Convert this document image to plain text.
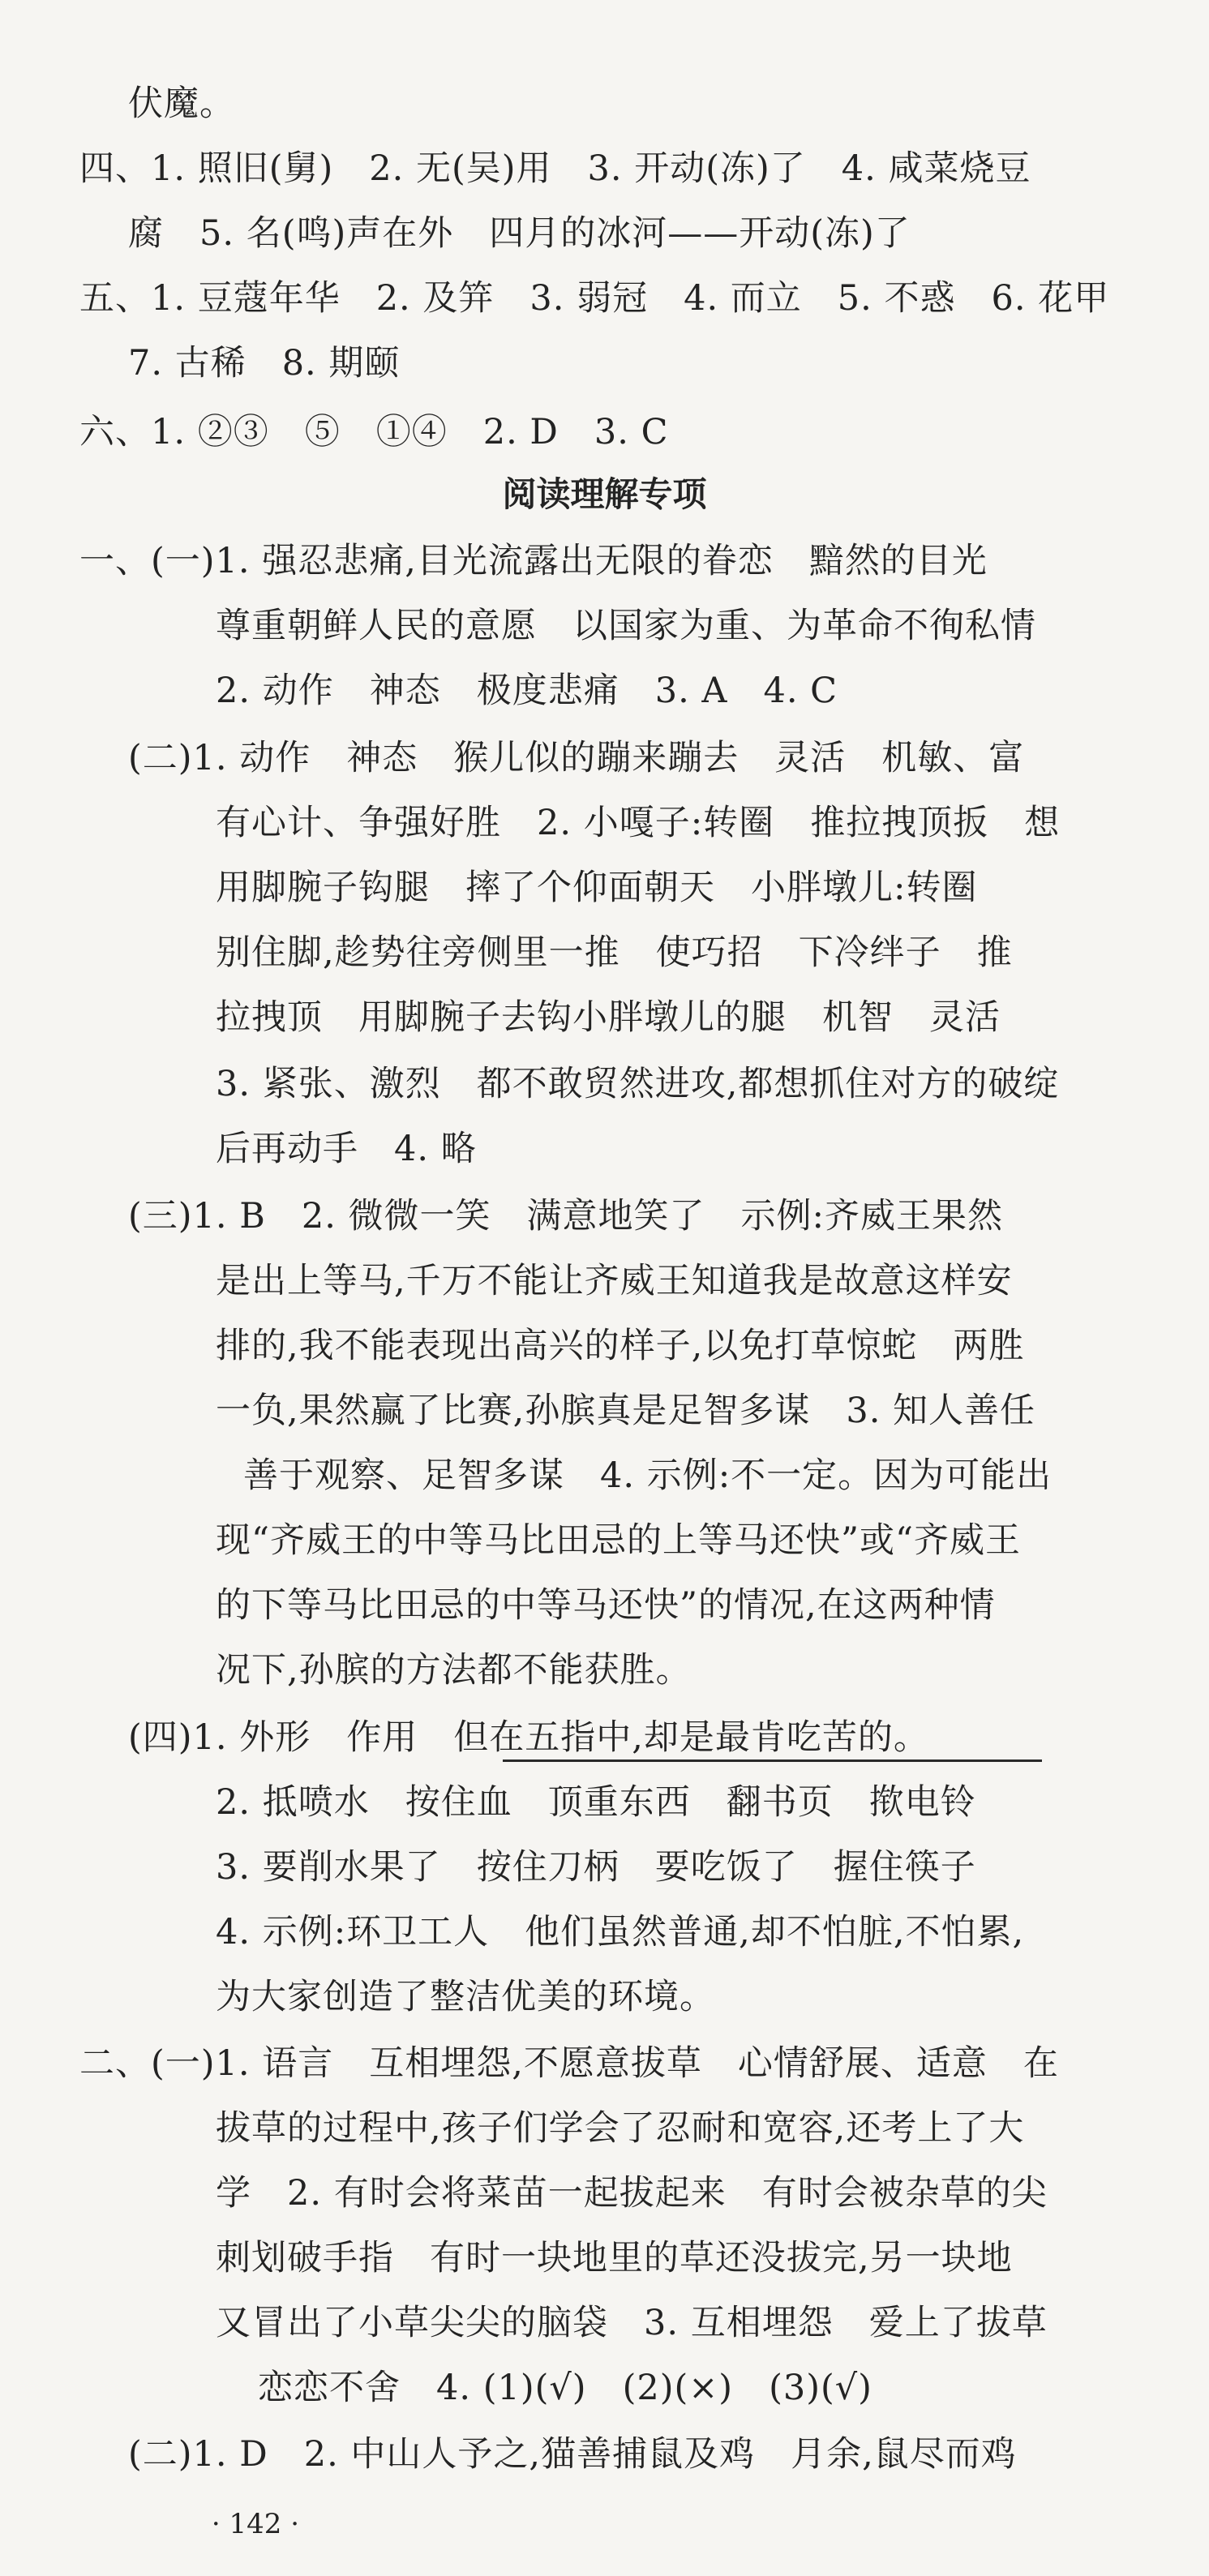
伏魔。
四、1. 照旧(舅)   2. 无(吴)用   3. 开动(冻)了   4. 咸菜烧豆
腐   5. 名(鸣)声在外   四月的冰河——开动(冻)了
五、1. 豆蔻年华   2. 及笄   3. 弱冠   4. 而立   5. 不惑   6. 花甲
7. 古稀   8. 期颐
六、1. ②③   ⑤   ①④   2. D   3. C
阅读理解专项
一、(一)1. 强忍悲痛,目光流露出无限的眷恋   黯然的目光
尊重朝鲜人民的意愿   以国家为重、为革命不徇私情
2. 动作   神态   极度悲痛   3. A   4. C
(二)1. 动作   神态   猴儿似的蹦来蹦去   灵活   机敏、富
有心计、争强好胜   2. 小嘎子:转圈   推拉拽顶扳   想
用脚腕子钩腿   摔了个仰面朝天   小胖墩儿:转圈
别住脚,趁势往旁侧里一推   使巧招   下冷绊子   推
拉拽顶   用脚腕子去钩小胖墩儿的腿   机智   灵活
3. 紧张、激烈   都不敢贸然进攻,都想抓住对方的破绽
后再动手   4. 略
(三)1. B   2. 微微一笑   满意地笑了   示例:齐威王果然
是出上等马,千万不能让齐威王知道我是故意这样安
排的,我不能表现出高兴的样子,以免打草惊蛇   两胜
一负,果然赢了比赛,孙膑真是足智多谋   3. 知人善任
善于观察、足智多谋   4. 示例:不一定。因为可能出
现“齐威王的中等马比田忌的上等马还快”或“齐威王
的下等马比田忌的中等马还快”的情况,在这两种情
况下,孙膑的方法都不能获胜。
(四)1. 外形   作用   但在五指中,却是最肯吃苦的。
2. 抵喷水   按住血   顶重东西   翻书页   揿电铃
3. 要削水果了   按住刀柄   要吃饭了   握住筷子
4. 示例:环卫工人   他们虽然普通,却不怕脏,不怕累,
为大家创造了整洁优美的环境。
二、(一)1. 语言   互相埋怨,不愿意拔草   心情舒展、适意   在
拔草的过程中,孩子们学会了忍耐和宽容,还考上了大
学   2. 有时会将菜苗一起拔起来   有时会被杂草的尖
刺划破手指   有时一块地里的草还没拔完,另一块地
又冒出了小草尖尖的脑袋   3. 互相埋怨   爱上了拔草
恋恋不舍   4. (1)(√)   (2)(×)   (3)(√)
(二)1. D   2. 中山人予之,猫善捕鼠及鸡   月余,鼠尽而鸡
· 142 ·
